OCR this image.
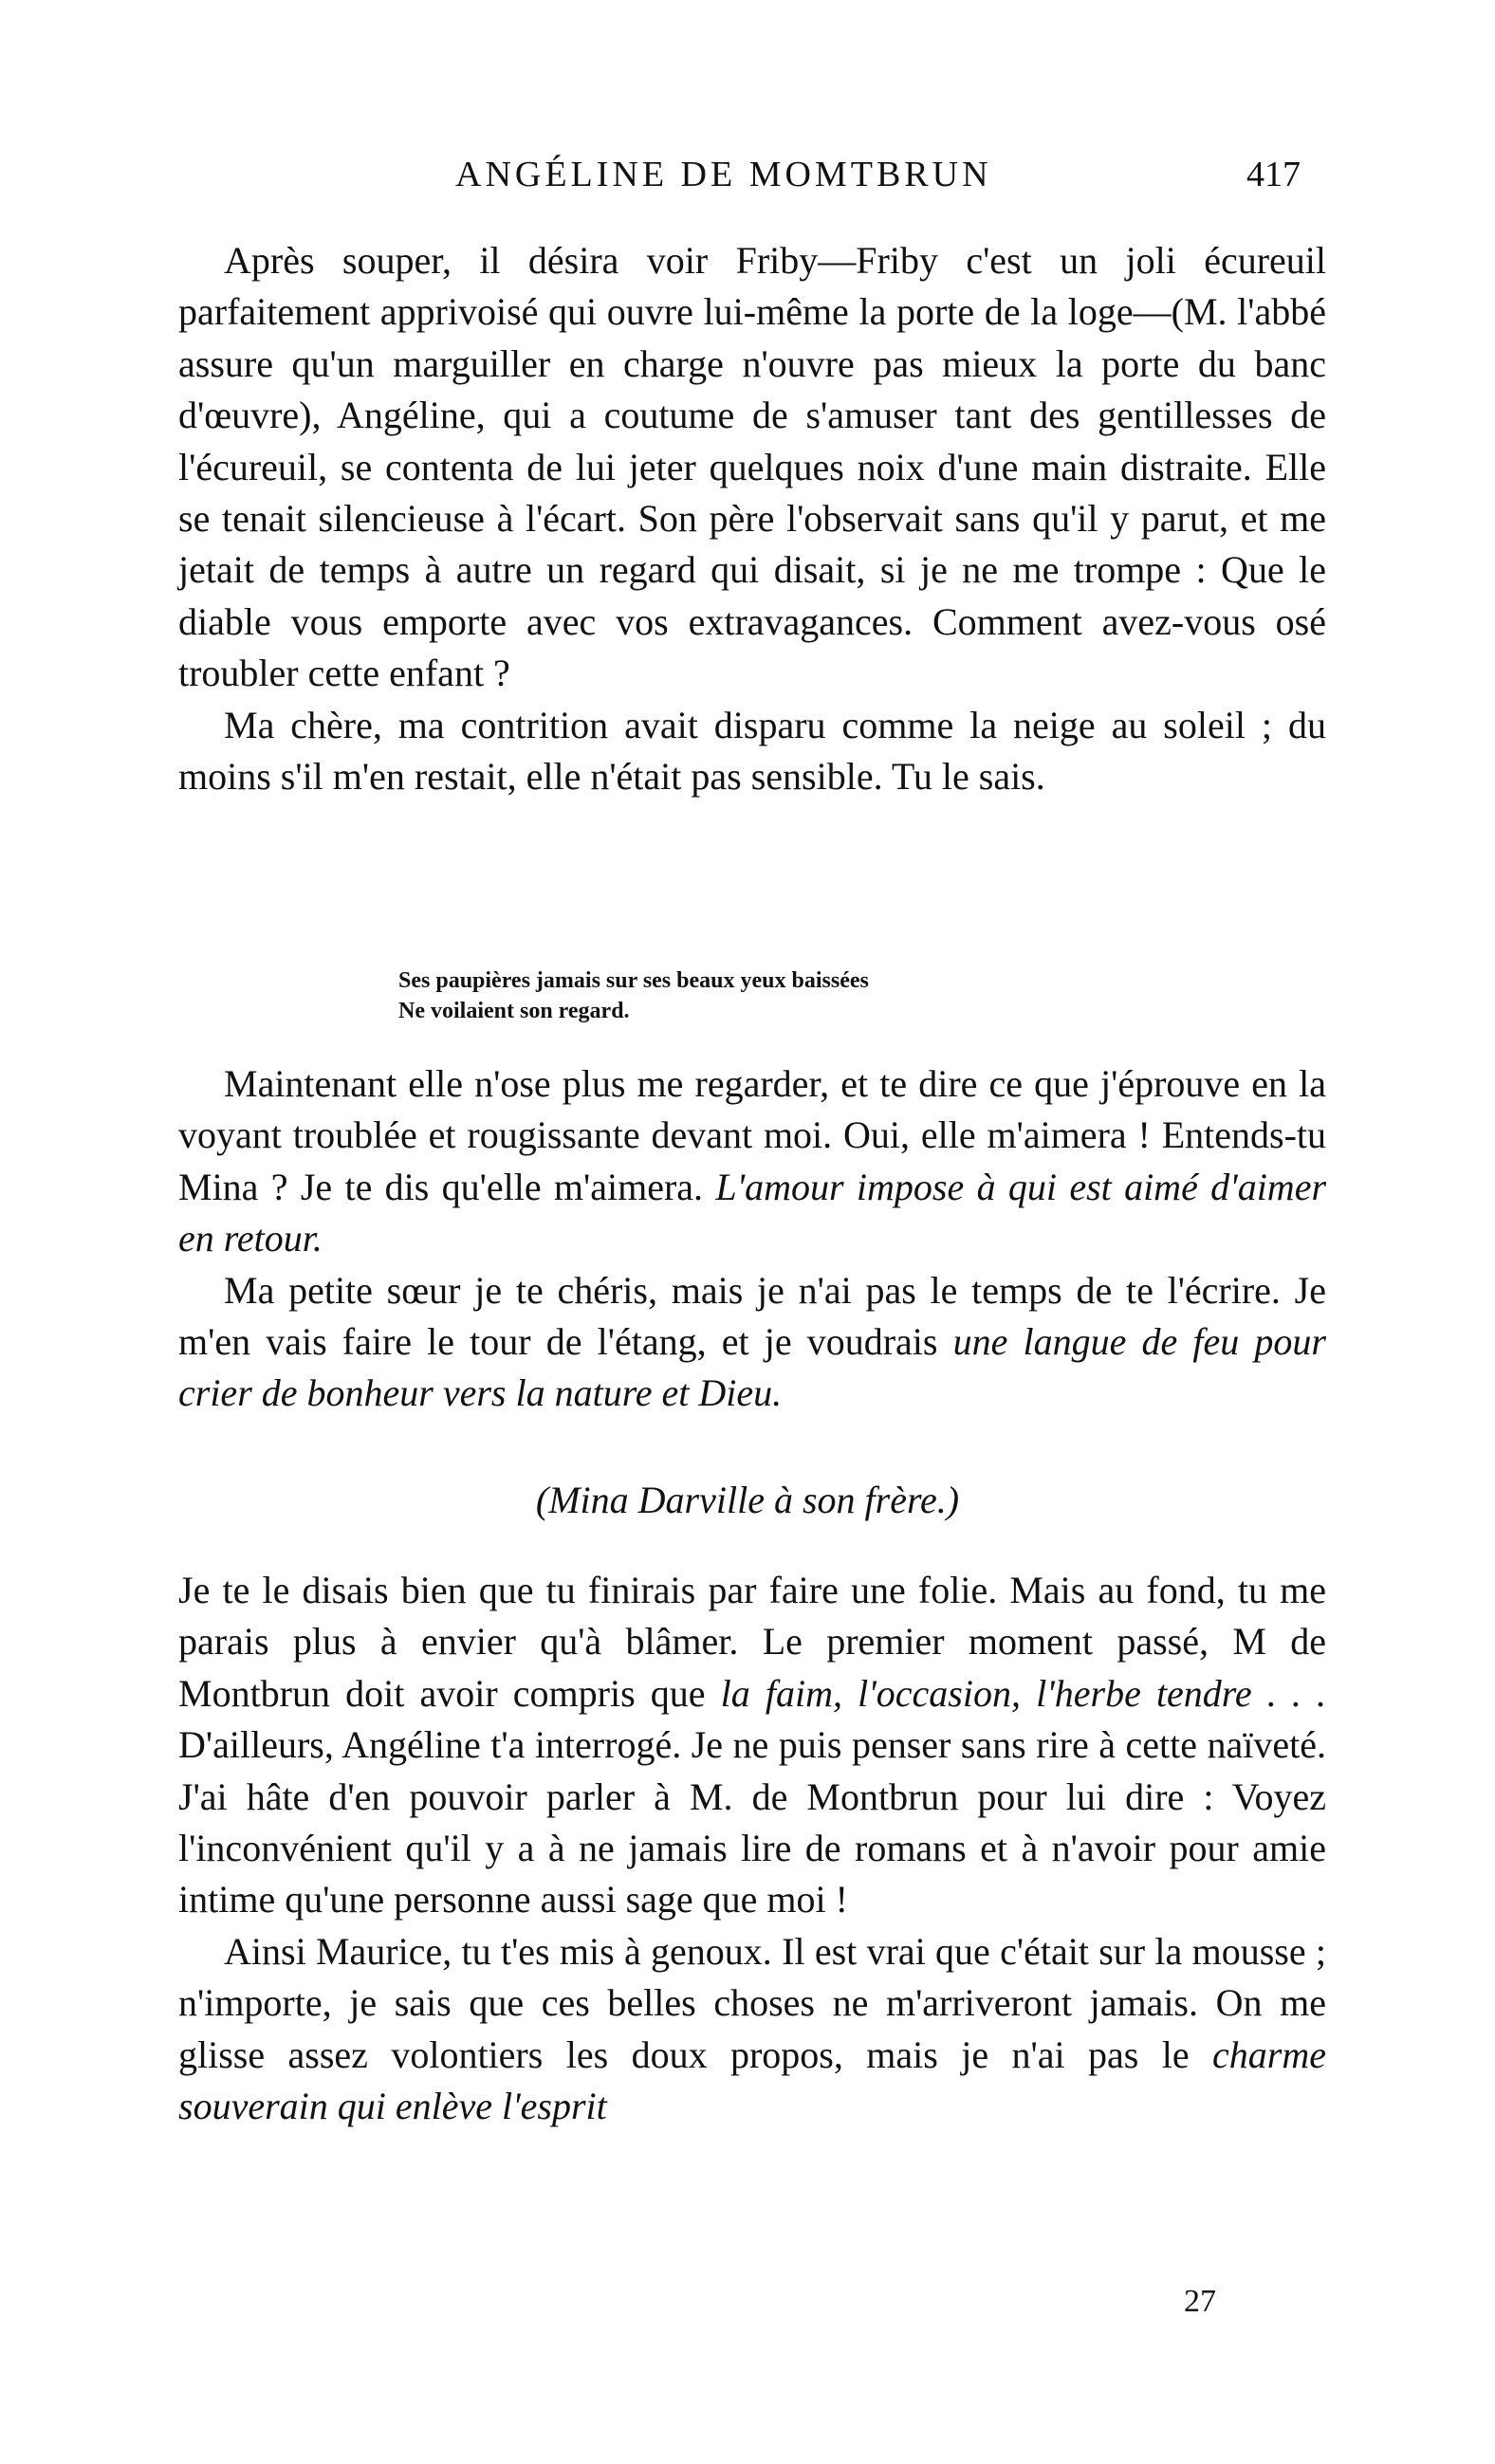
ANGÉLINE DE MOMTBRUN	417

Après souper, il désira voir Friby—Friby c'est un joli écureuil parfaitement apprivoisé qui ouvre lui-même la porte de la loge—(M. l'abbé assure qu'un marguiller en charge n'ouvre pas mieux la porte du banc d'œuvre), Angéline, qui a coutume de s'amuser tant des gentillesses de l'écureuil, se contenta de lui jeter quelques noix d'une main distraite. Elle se tenait silencieuse à l'écart. Son père l'observait sans qu'il y parut, et me jetait de temps à autre un regard qui disait, si je ne me trompe : Que le diable vous emporte avec vos extravagances. Comment avez-vous osé troubler cette enfant ?

Ma chère, ma contrition avait disparu comme la neige au soleil ; du moins s'il m'en restait, elle n'était pas sensible. Tu le sais.

Ses paupières jamais sur ses beaux yeux baissées
Ne voilaient son regard.

Maintenant elle n'ose plus me regarder, et te dire ce que j'éprouve en la voyant troublée et rougissante devant moi. Oui, elle m'aimera ! Entends-tu Mina ? Je te dis qu'elle m'aimera. L'amour impose à qui est aimé d'aimer en retour.

Ma petite sœur je te chéris, mais je n'ai pas le temps de te l'écrire. Je m'en vais faire le tour de l'étang, et je voudrais une langue de feu pour crier de bonheur vers la nature et Dieu.

(Mina Darville à son frère.)

Je te le disais bien que tu finirais par faire une folie. Mais au fond, tu me parais plus à envier qu'à blâmer. Le premier moment passé, M de Montbrun doit avoir compris que la faim, l'occasion, l'herbe tendre . . . D'ailleurs, Angéline t'a interrogé. Je ne puis penser sans rire à cette naïveté. J'ai hâte d'en pouvoir parler à M. de Montbrun pour lui dire : Voyez l'inconvénient qu'il y a à ne jamais lire de romans et à n'avoir pour amie intime qu'une personne aussi sage que moi !

Ainsi Maurice, tu t'es mis à genoux. Il est vrai que c'était sur la mousse ; n'importe, je sais que ces belles choses ne m'arriveront jamais. On me glisse assez volontiers les doux propos, mais je n'ai pas le charme souverain qui enlève l'esprit

27
